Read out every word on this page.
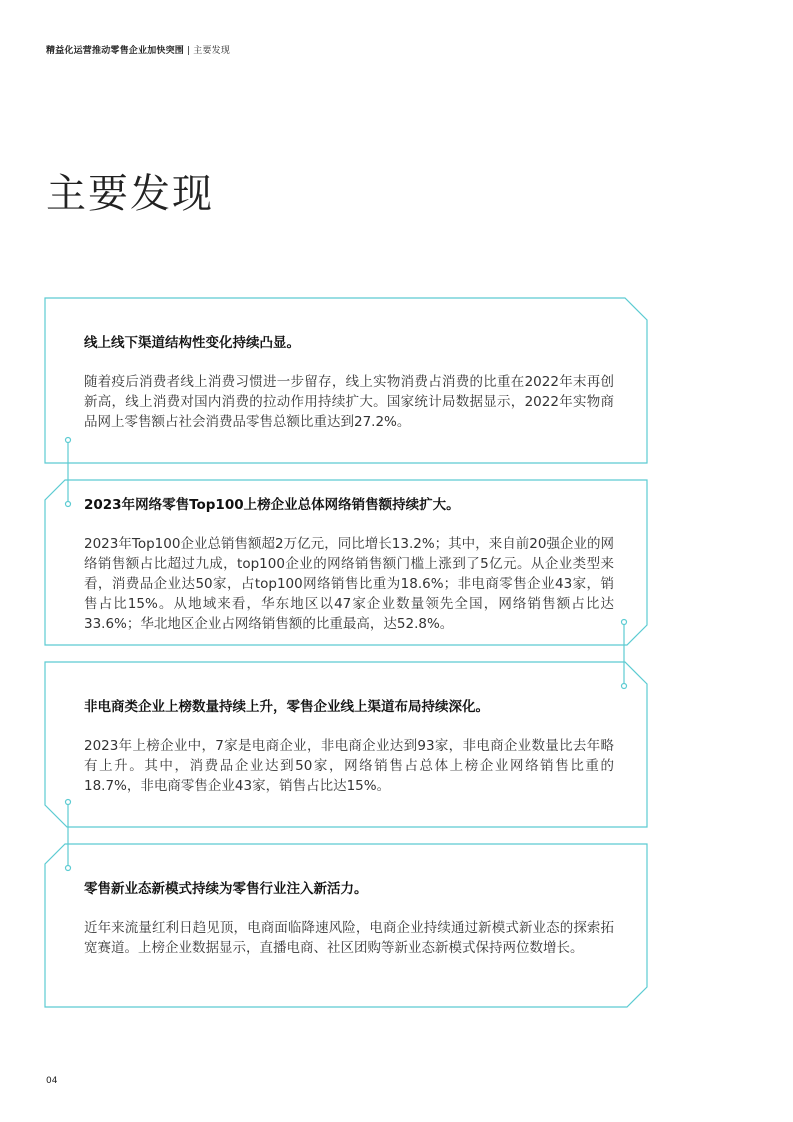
精益化运营推动零售企业加快突围 | 主要发现
主要发现

线上线下渠道结构性变化持续凸显。

随着疫后消费者线上消费习惯进一步留存，线上实物消费占消费的比重在2022年末再创新高，线上消费对国内消费的拉动作用持续扩大。国家统计局数据显示，2022年实物商品网上零售额占社会消费品零售总额比重达到27.2%。

2023年网络零售Top100上榜企业总体网络销售额持续扩大。

2023年Top100企业总销售额超2万亿元，同比增长13.2%；其中，来自前20强企业的网络销售额占比超过九成，top100企业的网络销售额门槛上涨到了5亿元。从企业类型来看，消费品企业达50家，占top100网络销售比重为18.6%；非电商零售企业43家，销售占比15%。从地域来看，华东地区以47家企业数量领先全国，网络销售额占比达33.6%；华北地区企业占网络销售额的比重最高，达52.8%。

非电商类企业上榜数量持续上升，零售企业线上渠道布局持续深化。

2023年上榜企业中，7家是电商企业，非电商企业达到93家，非电商企业数量比去年略有上升。其中，消费品企业达到50家，网络销售占总体上榜企业网络销售比重的18.7%，非电商零售企业43家，销售占比达15%。

零售新业态新模式持续为零售行业注入新活力。

近年来流量红利日趋见顶，电商面临降速风险，电商企业持续通过新模式新业态的探索拓宽赛道。上榜企业数据显示，直播电商、社区团购等新业态新模式保持两位数增长。

04
